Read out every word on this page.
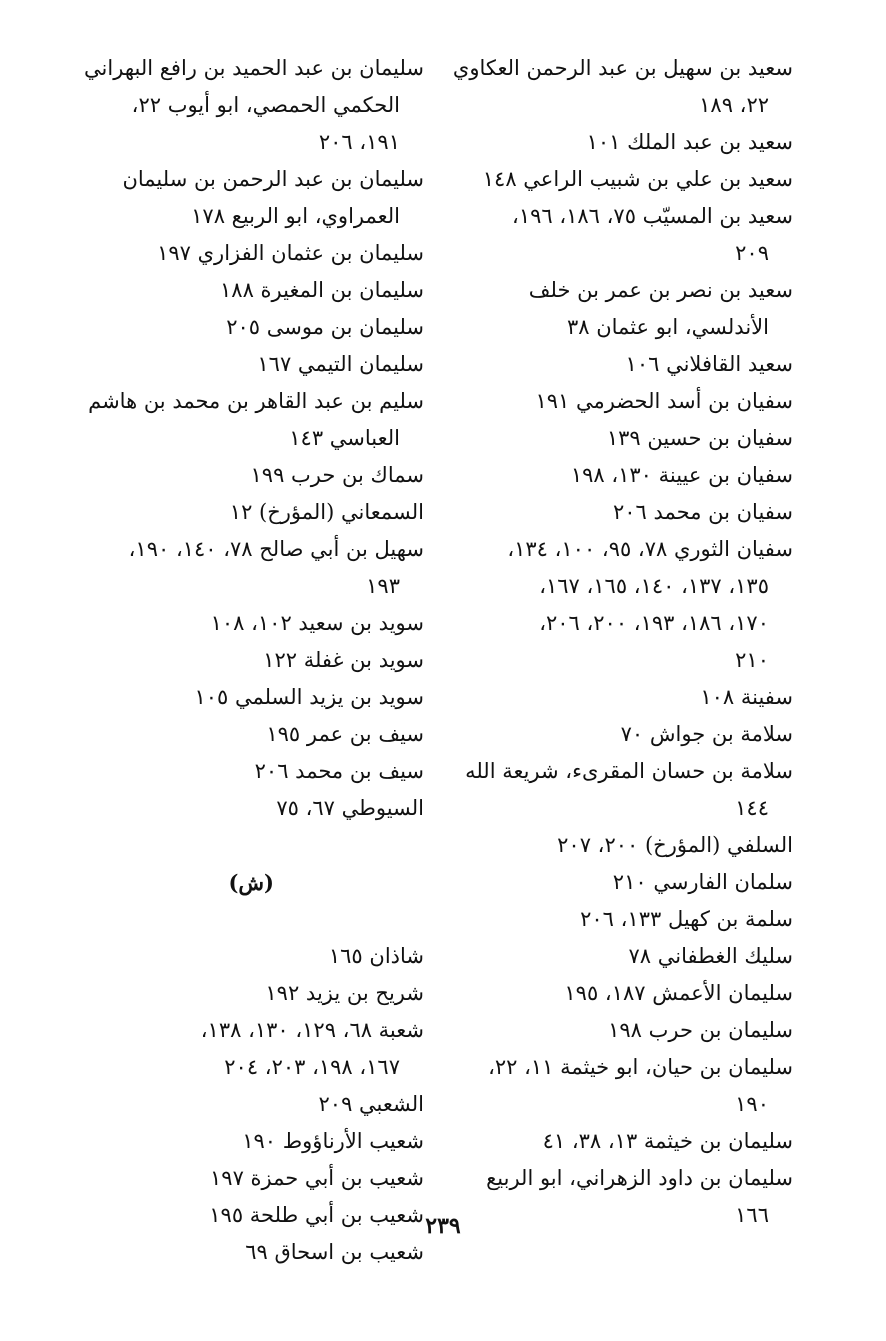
سعيد بن سهيل بن عبد الرحمن العكاوي
٢٢، ١٨٩
سعيد بن عبد الملك ١٠١
سعيد بن علي بن شبيب الراعي ١٤٨
سعيد بن المسيّب ٧٥، ١٨٦، ١٩٦،
٢٠٩
سعيد بن نصر بن عمر بن خلف
الأندلسي، ابو عثمان ٣٨
سعيد القافلاني ١٠٦
سفيان بن أسد الحضرمي ١٩١
سفيان بن حسين ١٣٩
سفيان بن عيينة ١٣٠، ١٩٨
سفيان بن محمد ٢٠٦
سفيان الثوري ٧٨، ٩٥، ١٠٠، ١٣٤،
١٣٥، ١٣٧، ١٤٠، ١٦٥، ١٦٧،
١٧٠، ١٨٦، ١٩٣، ٢٠٠، ٢٠٦،
٢١٠
سفينة ١٠٨
سلامة بن جواش ٧٠
سلامة بن حسان المقرىء، شريعة الله
١٤٤
السلفي (المؤرخ) ٢٠٠، ٢٠٧
سلمان الفارسي ٢١٠
سلمة بن كهيل ١٣٣، ٢٠٦
سليك الغطفاني ٧٨
سليمان الأعمش ١٨٧، ١٩٥
سليمان بن حرب ١٩٨
سليمان بن حيان، ابو خيثمة ١١، ٢٢،
١٩٠
سليمان بن خيثمة ١٣، ٣٨، ٤١
سليمان بن داود الزهراني، ابو الربيع
١٦٦
سليمان بن عبد الحميد بن رافع البهراني
الحكمي الحمصي، ابو أيوب ٢٢،
١٩١، ٢٠٦
سليمان بن عبد الرحمن بن سليمان
العمراوي، ابو الربيع ١٧٨
سليمان بن عثمان الفزاري ١٩٧
سليمان بن المغيرة ١٨٨
سليمان بن موسى ٢٠٥
سليمان التيمي ١٦٧
سليم بن عبد القاهر بن محمد بن هاشم
العباسي ١٤٣
سماك بن حرب ١٩٩
السمعاني (المؤرخ) ١٢
سهيل بن أبي صالح ٧٨، ١٤٠، ١٩٠،
١٩٣
سويد بن سعيد ١٠٢، ١٠٨
سويد بن غفلة ١٢٢
سويد بن يزيد السلمي ١٠٥
سيف بن عمر ١٩٥
سيف بن محمد ٢٠٦
السيوطي ٦٧، ٧٥
(ش)
شاذان ١٦٥
شريح بن يزيد ١٩٢
شعبة ٦٨، ١٢٩، ١٣٠، ١٣٨،
١٦٧، ١٩٨، ٢٠٣، ٢٠٤
الشعبي ٢٠٩
شعيب الأرناؤوط ١٩٠
شعيب بن أبي حمزة ١٩٧
شعيب بن أبي طلحة ١٩٥
شعيب بن اسحاق ٦٩
٢٣٩
